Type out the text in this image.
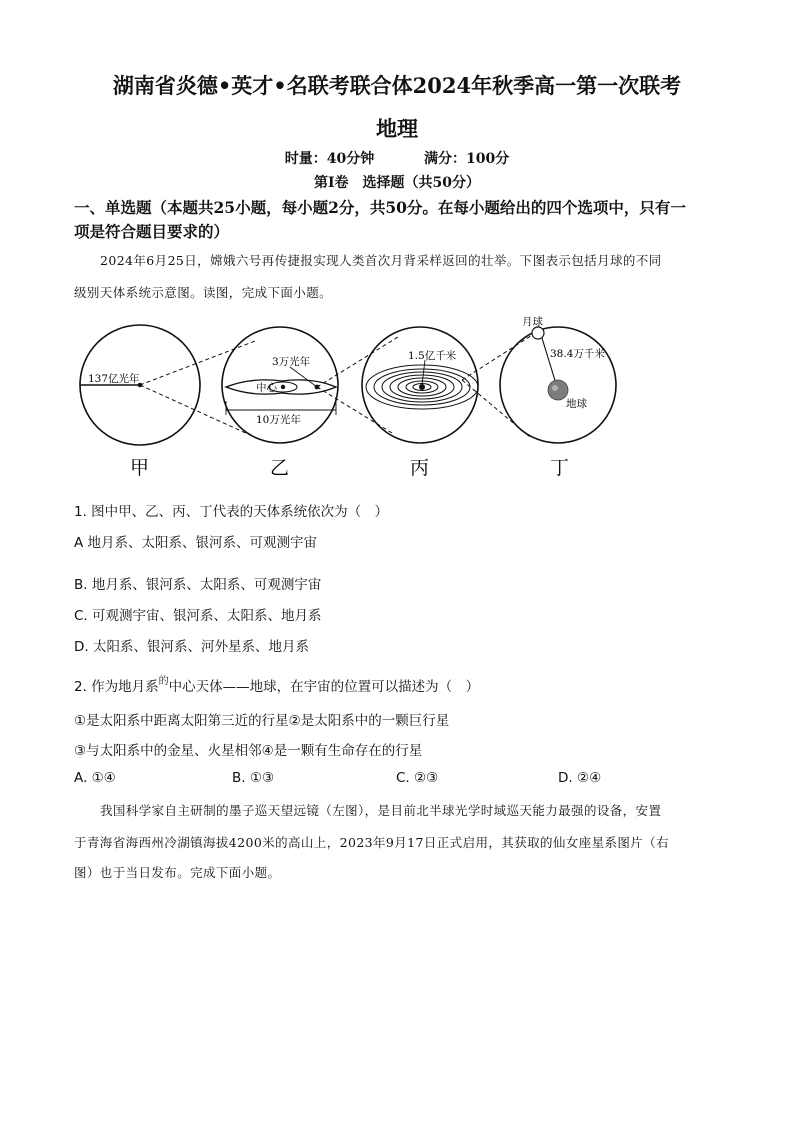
湖南省炎德•英才•名联考联合体2024年秋季高一第一次联考
地理
时量：40分钟	满分：100分
第Ⅰ卷　选择题（共50分）
一、单选题（本题共25小题，每小题2分，共50分。在每小题给出的四个选项中，只有一
项是符合题目要求的）
2024年6月25日，嫦娥六号再传捷报实现人类首次月背采样返回的壮举。下图表示包括月球的不同
级别天体系统示意图。读图，完成下面小题。
137亿光年
甲
3万光年
中心
10万光年
乙
1.5亿千米
丙
月球
38.4万千米
地球
丁
1. 图中甲、乙、丙、丁代表的天体系统依次为（　）
A 地月系、太阳系、银河系、可观测宇宙
B. 地月系、银河系、太阳系、可观测宇宙
C. 可观测宇宙、银河系、太阳系、地月系
D. 太阳系、银河系、河外星系、地月系
2. 作为地月系$^的$中心天体——地球，在宇宙的位置可以描述为（　）
①是太阳系中距离太阳第三近的行星②是太阳系中的一颗巨行星
③与太阳系中的金星、火星相邻④是一颗有生命存在的行星
A. ①④	B. ①③	C. ②③	D. ②④
我国科学家自主研制的墨子巡天望远镜（左图），是目前北半球光学时域巡天能力最强的设备，安置
于青海省海西州冷湖镇海拔4200米的高山上，2023年9月17日正式启用，其获取的仙女座星系图片（右
图）也于当日发布。完成下面小题。
